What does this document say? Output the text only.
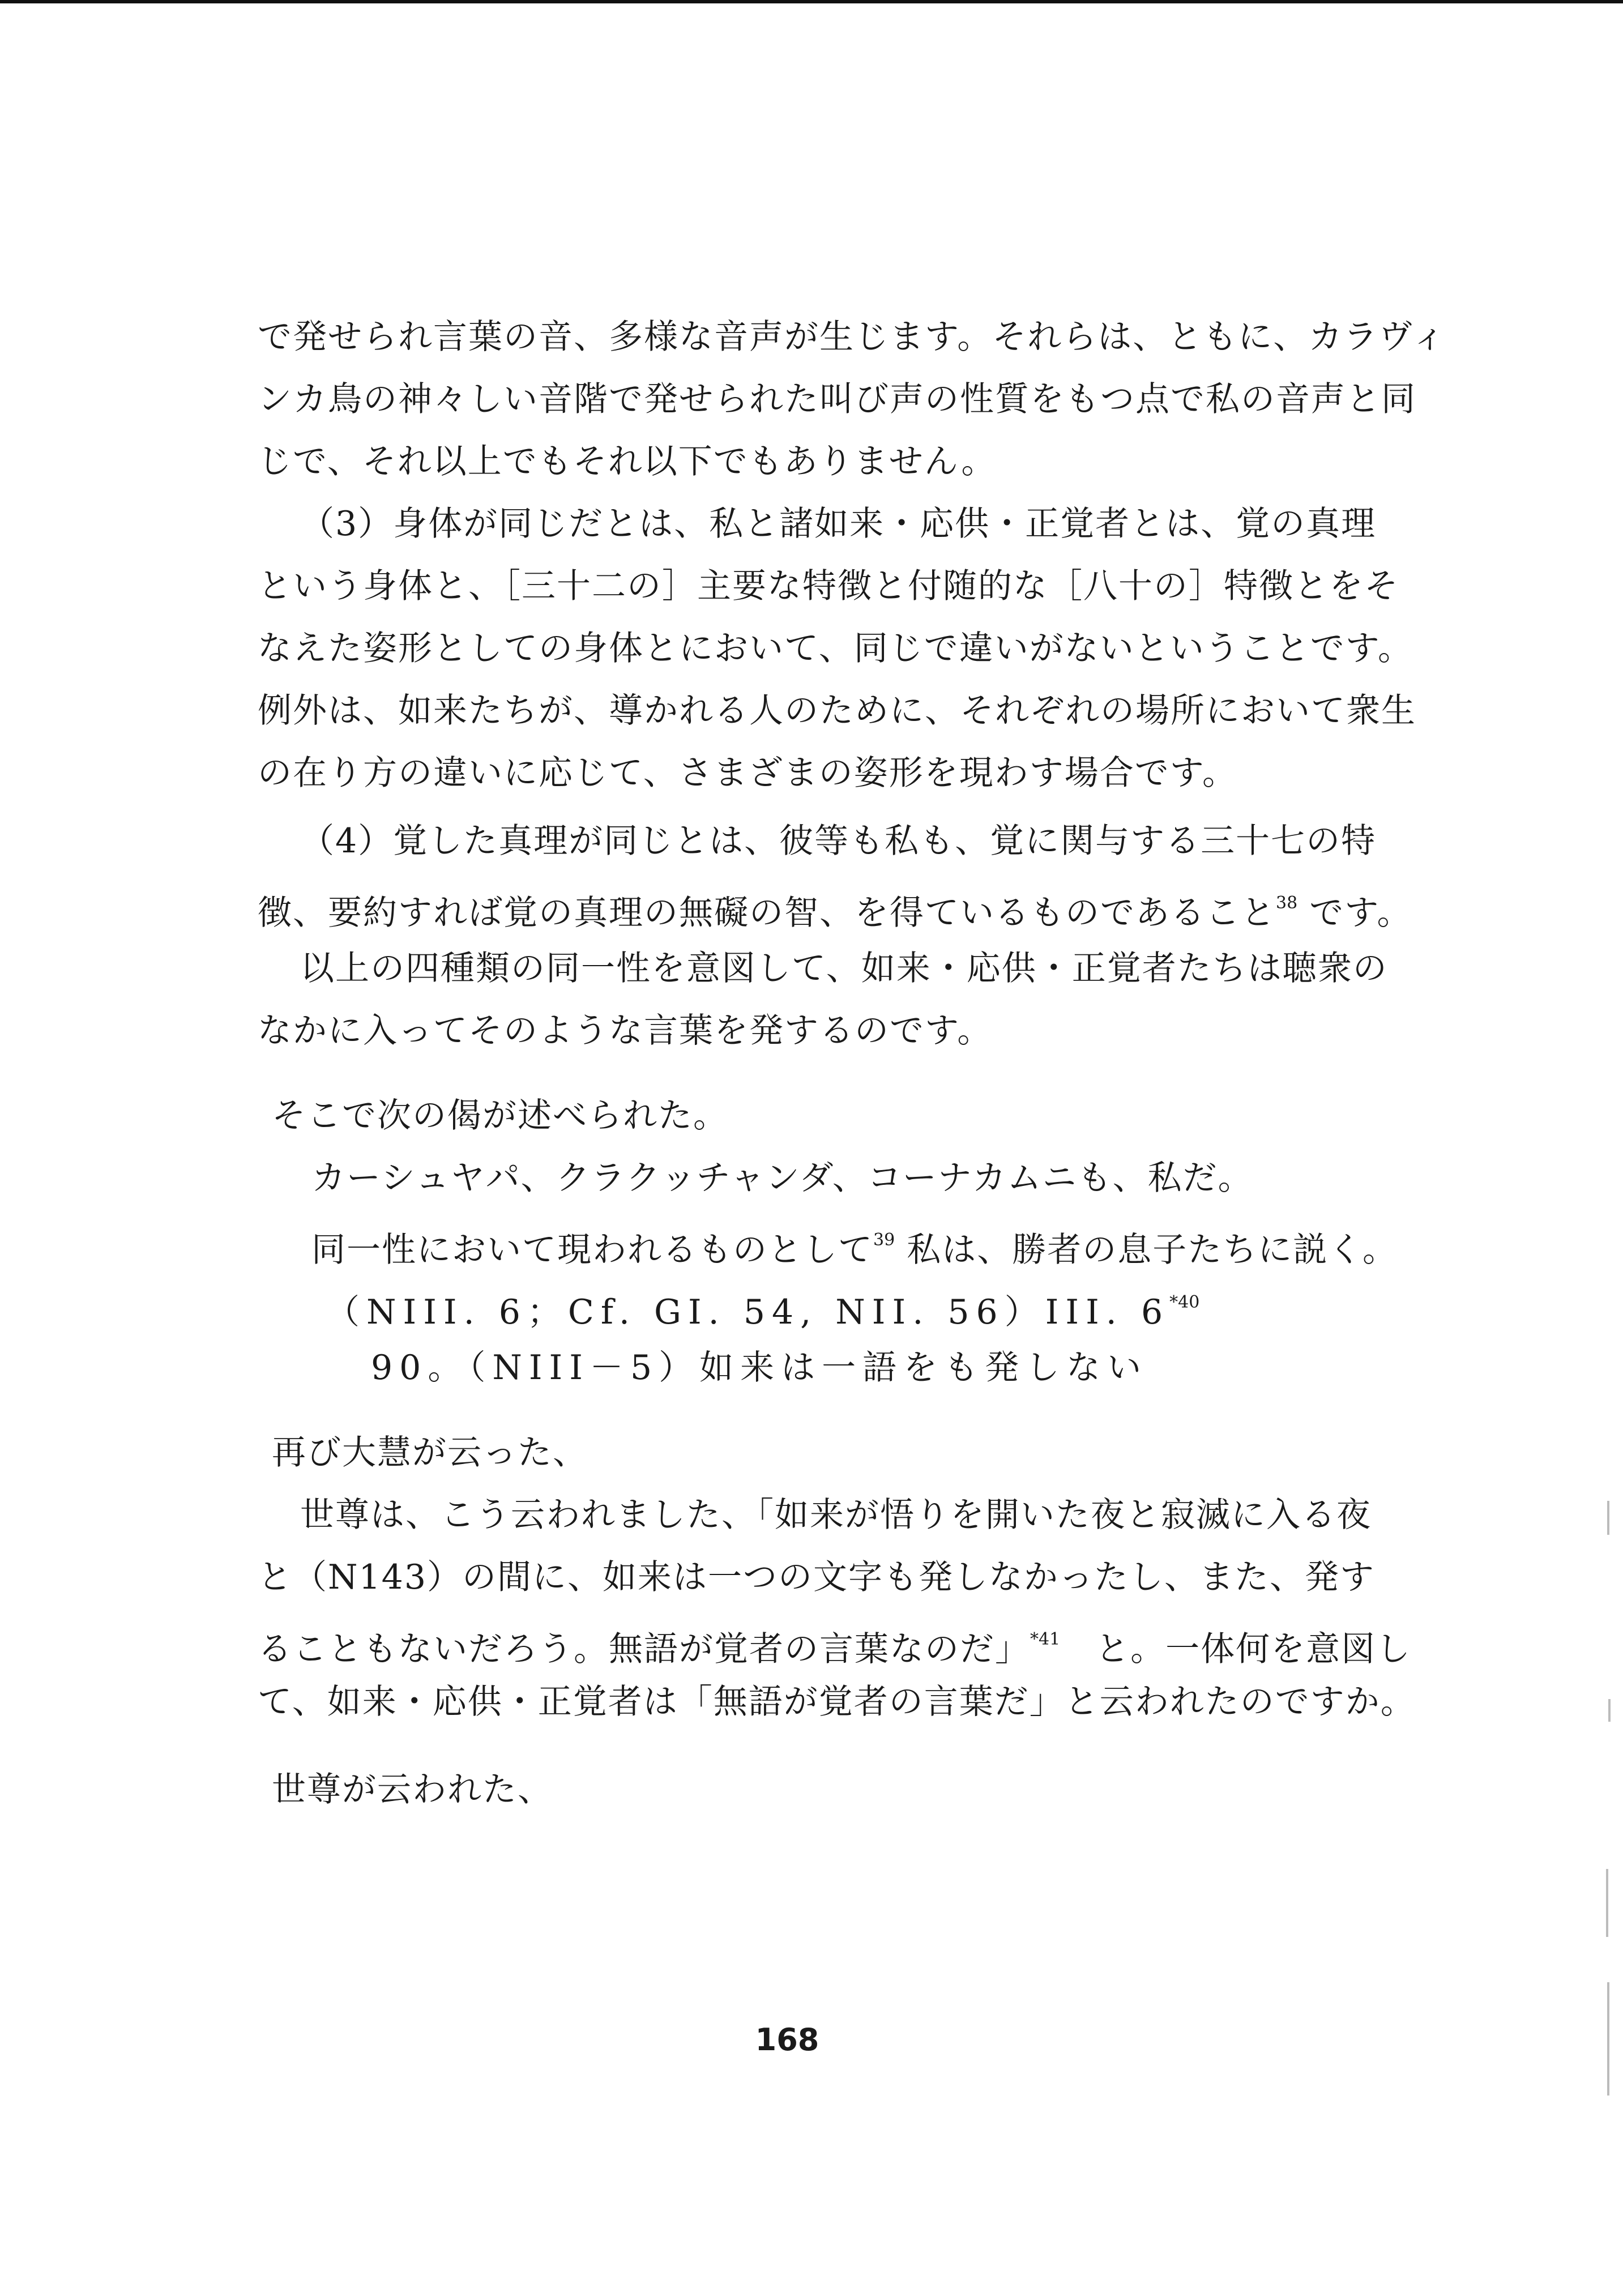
で発せられ言葉の音、多様な音声が生じます。それらは、ともに、カラヴィ
ンカ鳥の神々しい音階で発せられた叫び声の性質をもつ点で私の音声と同
じで、それ以上でもそれ以下でもありません。
（3）身体が同じだとは、私と諸如来・応供・正覚者とは、覚の真理
という身体と、［三十二の］主要な特徴と付随的な［八十の］特徴とをそ
なえた姿形としての身体とにおいて、同じで違いがないということです。
例外は、如来たちが、導かれる人のために、それぞれの場所において衆生
の在り方の違いに応じて、さまざまの姿形を現わす場合です。
（4）覚した真理が同じとは、彼等も私も、覚に関与する三十七の特
徴、要約すれば覚の真理の無礙の智、を得ているものであること$^{38}$ です。
以上の四種類の同一性を意図して、如来・応供・正覚者たちは聴衆の
なかに入ってそのような言葉を発するのです。
そこで次の偈が述べられた。
カーシュヤパ、クラクッチャンダ、コーナカムニも、私だ。
同一性において現われるものとして$^{39}$ 私は、勝者の息子たちに説く。
（NIII. 6；Cf. GI. 54, NII. 56）III. 6$^{*40}$
90。（NIII－5）如来は一語をも発しない
再び大慧が云った、
世尊は、こう云われました、「如来が悟りを開いた夜と寂滅に入る夜
と（N143）の間に、如来は一つの文字も発しなかったし、また、発す
ることもないだろう。無語が覚者の言葉なのだ」$^{*41}$　と。一体何を意図し
て、如来・応供・正覚者は「無語が覚者の言葉だ」と云われたのですか。
世尊が云われた、
168
